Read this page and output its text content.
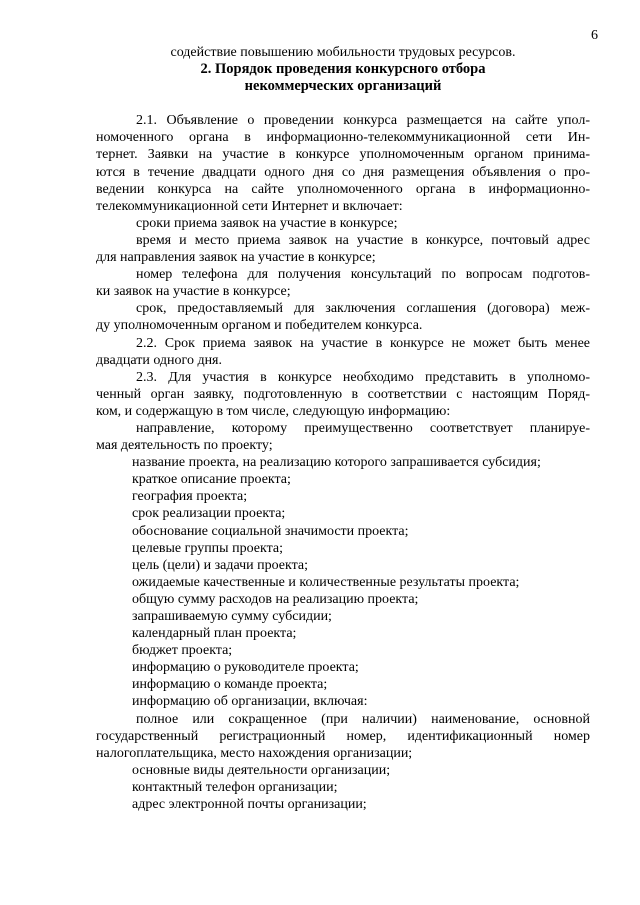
6
содействие повышению мобильности трудовых ресурсов.
2. Порядок проведения конкурсного отбора
некоммерческих организаций
2.1. Объявление о проведении конкурса размещается на сайте упол-
номоченного органа в информационно-телекоммуникационной сети Ин-
тернет. Заявки на участие в конкурсе уполномоченным органом принима-
ются в течение двадцати одного дня со дня размещения объявления о про-
ведении конкурса на сайте уполномоченного органа в информационно-
телекоммуникационной сети Интернет и включает:
сроки приема заявок на участие в конкурсе;
время и место приема заявок на участие в конкурсе, почтовый адрес
для направления заявок на участие в конкурсе;
номер телефона для получения консультаций по вопросам подготов-
ки заявок на участие в конкурсе;
срок, предоставляемый для заключения соглашения (договора) меж-
ду уполномоченным органом и победителем конкурса.
2.2. Срок приема заявок на участие в конкурсе не может быть менее
двадцати одного дня.
2.3. Для участия в конкурсе необходимо представить в уполномо-
ченный орган заявку, подготовленную в соответствии с настоящим Поряд-
ком, и содержащую в том числе, следующую информацию:
направление, которому преимущественно соответствует планируе-
мая деятельность по проекту;
название проекта, на реализацию которого запрашивается субсидия;
краткое описание проекта;
география проекта;
срок реализации проекта;
обоснование социальной значимости проекта;
целевые группы проекта;
цель (цели) и задачи проекта;
ожидаемые качественные и количественные результаты проекта;
общую сумму расходов на реализацию проекта;
запрашиваемую сумму субсидии;
календарный план проекта;
бюджет проекта;
информацию о руководителе проекта;
информацию о команде проекта;
информацию об организации, включая:
полное или сокращенное (при наличии) наименование, основной
государственный регистрационный номер, идентификационный номер
налогоплательщика, место нахождения организации;
основные виды деятельности организации;
контактный телефон организации;
адрес электронной почты организации;
